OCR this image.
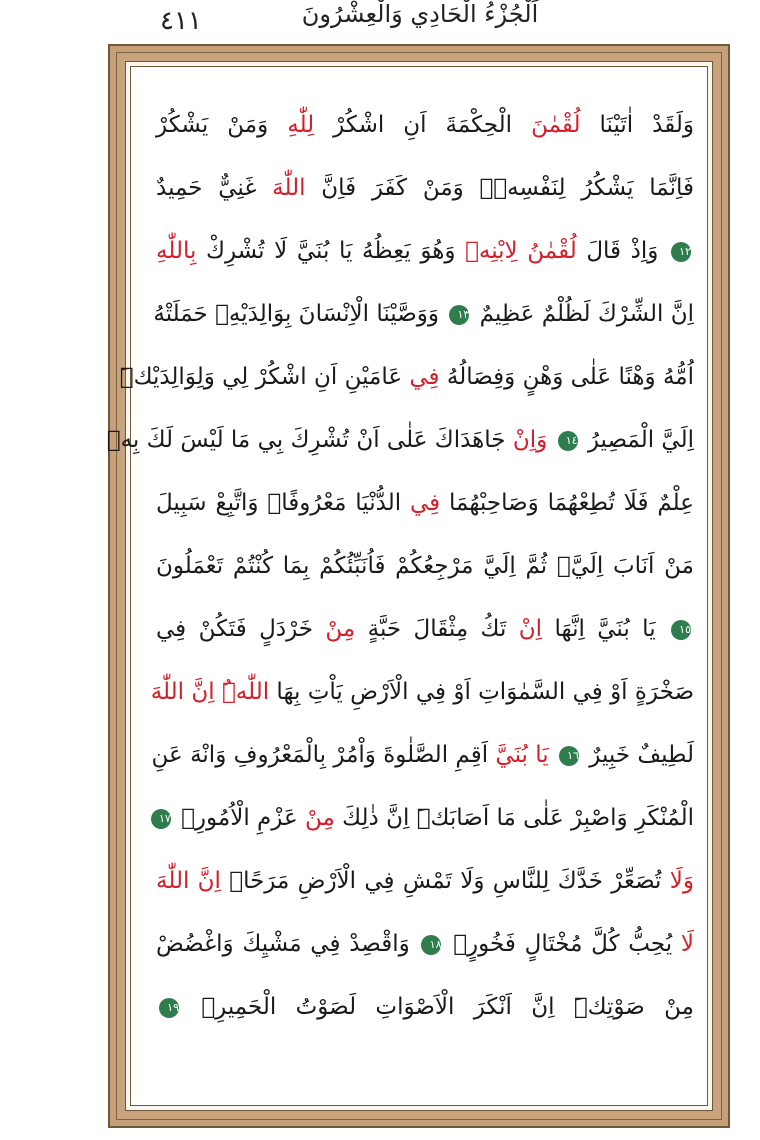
٤١١	اَلْجُزْءُ الْحَادِي وَالْعِشْرُونَ
وَلَقَدْ اٰتَيْنَا لُقْمٰنَ الْحِكْمَةَ اَنِ اشْكُرْ لِلّٰهِ وَمَنْ يَشْكُرْ
فَاِنَّمَا يَشْكُرُ لِنَفْسِهٖۚ وَمَنْ كَفَرَ فَاِنَّ اللّٰهَ غَنِيٌّ حَمِيدٌ
١٢ وَاِذْ قَالَ لُقْمٰنُ لِابْنِهٖ وَهُوَ يَعِظُهُ يَا بُنَيَّ لَا تُشْرِكْ بِاللّٰهِ
اِنَّ الشِّرْكَ لَظُلْمٌ عَظِيمٌ ١٣ وَوَصَّيْنَا الْاِنْسَانَ بِوَالِدَيْهِۚ حَمَلَتْهُ
اُمُّهُ وَهْنًا عَلٰى وَهْنٍ وَفِصَالُهُ فِي عَامَيْنِ اَنِ اشْكُرْ لِي وَلِوَالِدَيْكَۜ
اِلَيَّ الْمَصِيرُ ١٤ وَاِنْ جَاهَدَاكَ عَلٰى اَنْ تُشْرِكَ بِي مَا لَيْسَ لَكَ بِهٖ
عِلْمٌ فَلَا تُطِعْهُمَا وَصَاحِبْهُمَا فِي الدُّنْيَا مَعْرُوفًاۘ وَاتَّبِعْ سَبِيلَ
مَنْ اَنَابَ اِلَيَّۚ ثُمَّ اِلَيَّ مَرْجِعُكُمْ فَاُنَبِّئُكُمْ بِمَا كُنْتُمْ تَعْمَلُونَ
١٥ يَا بُنَيَّ اِنَّهَا اِنْ تَكُ مِثْقَالَ حَبَّةٍ مِنْ خَرْدَلٍ فَتَكُنْ فِي
صَخْرَةٍ اَوْ فِي السَّمٰوَاتِ اَوْ فِي الْاَرْضِ يَاْتِ بِهَا اللّٰهُۜ اِنَّ اللّٰهَ
لَطِيفٌ خَبِيرٌ ١٦ يَا بُنَيَّ اَقِمِ الصَّلٰوةَ وَاْمُرْ بِالْمَعْرُوفِ وَانْهَ عَنِ
الْمُنْكَرِ وَاصْبِرْ عَلٰى مَا اَصَابَكَۜ اِنَّ ذٰلِكَ مِنْ عَزْمِ الْاُمُورِۚ ١٧
وَلَا تُصَعِّرْ خَدَّكَ لِلنَّاسِ وَلَا تَمْشِ فِي الْاَرْضِ مَرَحًاۜ اِنَّ اللّٰهَ
لَا يُحِبُّ كُلَّ مُخْتَالٍ فَخُورٍۚ ١٨ وَاقْصِدْ فِي مَشْيِكَ وَاغْضُضْ
مِنْ صَوْتِكَۜ اِنَّ اَنْكَرَ الْاَصْوَاتِ لَصَوْتُ الْحَمِيرِۚ ١٩
